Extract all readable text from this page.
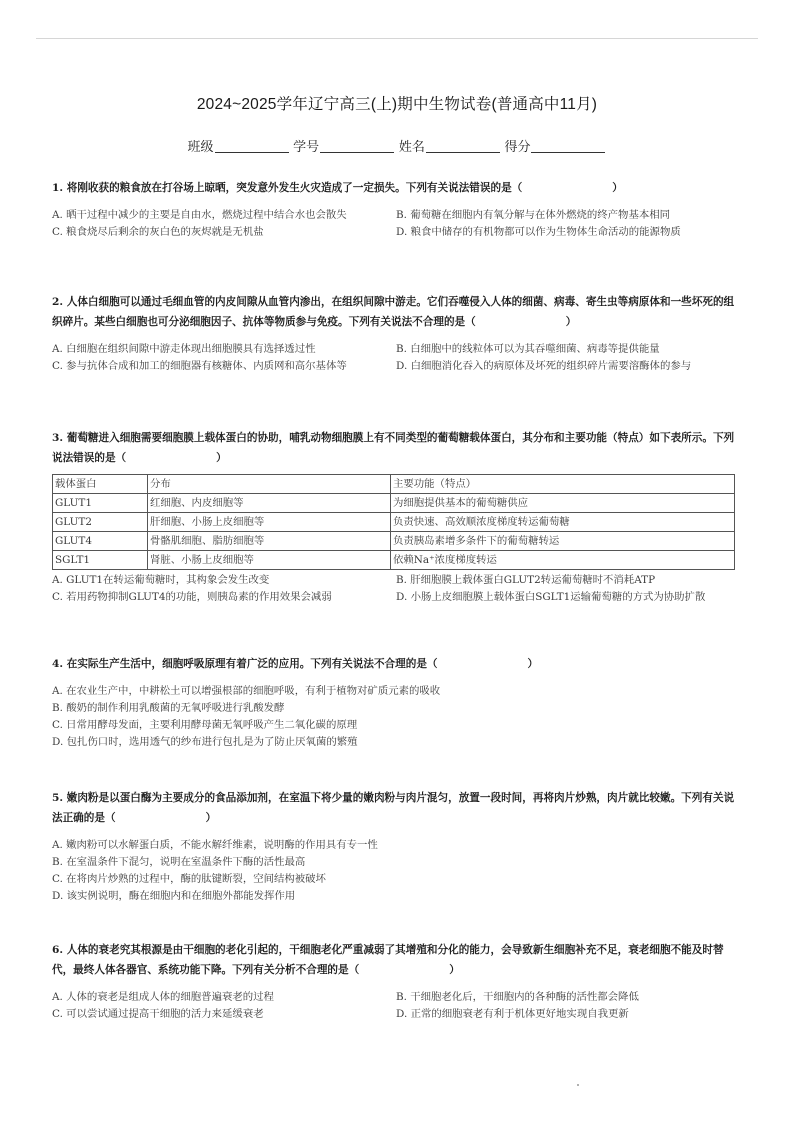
2024~2025学年辽宁高三(上)期中生物试卷(普通高中11月)
班级	学号	姓名	得分

1. 将刚收获的粮食放在打谷场上晾晒，突发意外发生火灾造成了一定损失。下列有关说法错误的是（	）

A. 晒干过程中减少的主要是自由水，燃烧过程中结合水也会散失	B. 葡萄糖在细胞内有氧分解与在体外燃烧的终产物基本相同
C. 粮食烧尽后剩余的灰白色的灰烬就是无机盐	D. 粮食中储存的有机物都可以作为生物体生命活动的能源物质

2. 人体白细胞可以通过毛细血管的内皮间隙从血管内渗出，在组织间隙中游走。它们吞噬侵入人体的细菌、病毒、寄生虫等病原体和一些坏死的组织碎片。某些白细胞也可分泌细胞因子、抗体等物质参与免疫。下列有关说法不合理的是（	）

A. 白细胞在组织间隙中游走体现出细胞膜具有选择透过性	B. 白细胞中的线粒体可以为其吞噬细菌、病毒等提供能量
C. 参与抗体合成和加工的细胞器有核糖体、内质网和高尔基体等	D. 白细胞消化吞入的病原体及坏死的组织碎片需要溶酶体的参与

3. 葡萄糖进入细胞需要细胞膜上载体蛋白的协助，哺乳动物细胞膜上有不同类型的葡萄糖载体蛋白，其分布和主要功能（特点）如下表所示。下列说法错误的是（	）

载体蛋白	分布	主要功能（特点）
GLUT1	红细胞、内皮细胞等	为细胞提供基本的葡萄糖供应
GLUT2	肝细胞、小肠上皮细胞等	负责快速、高效顺浓度梯度转运葡萄糖
GLUT4	骨骼肌细胞、脂肪细胞等	负责胰岛素增多条件下的葡萄糖转运
SGLT1	肾脏、小肠上皮细胞等	依赖Na⁺浓度梯度转运
A. GLUT1在转运葡萄糖时，其构象会发生改变	B. 肝细胞膜上载体蛋白GLUT2转运葡萄糖时不消耗ATP
C. 若用药物抑制GLUT4的功能，则胰岛素的作用效果会减弱	D. 小肠上皮细胞膜上载体蛋白SGLT1运输葡萄糖的方式为协助扩散

4. 在实际生产生活中，细胞呼吸原理有着广泛的应用。下列有关说法不合理的是（	）

A. 在农业生产中，中耕松土可以增强根部的细胞呼吸，有利于植物对矿质元素的吸收
B. 酸奶的制作利用乳酸菌的无氧呼吸进行乳酸发酵
C. 日常用酵母发面，主要利用酵母菌无氧呼吸产生二氧化碳的原理
D. 包扎伤口时，选用透气的纱布进行包扎是为了防止厌氧菌的繁殖

5. 嫩肉粉是以蛋白酶为主要成分的食品添加剂，在室温下将少量的嫩肉粉与肉片混匀，放置一段时间，再将肉片炒熟，肉片就比较嫩。下列有关说法正确的是（	）

A. 嫩肉粉可以水解蛋白质，不能水解纤维素，说明酶的作用具有专一性
B. 在室温条件下混匀，说明在室温条件下酶的活性最高
C. 在将肉片炒熟的过程中，酶的肽键断裂，空间结构被破坏
D. 该实例说明，酶在细胞内和在细胞外都能发挥作用

6. 人体的衰老究其根源是由干细胞的老化引起的，干细胞老化严重减弱了其增殖和分化的能力，会导致新生细胞补充不足，衰老细胞不能及时替代，最终人体各器官、系统功能下降。下列有关分析不合理的是（	）

A. 人体的衰老是组成人体的细胞普遍衰老的过程	B. 干细胞老化后，干细胞内的各种酶的活性都会降低
C. 可以尝试通过提高干细胞的活力来延缓衰老	D. 正常的细胞衰老有利于机体更好地实现自我更新
